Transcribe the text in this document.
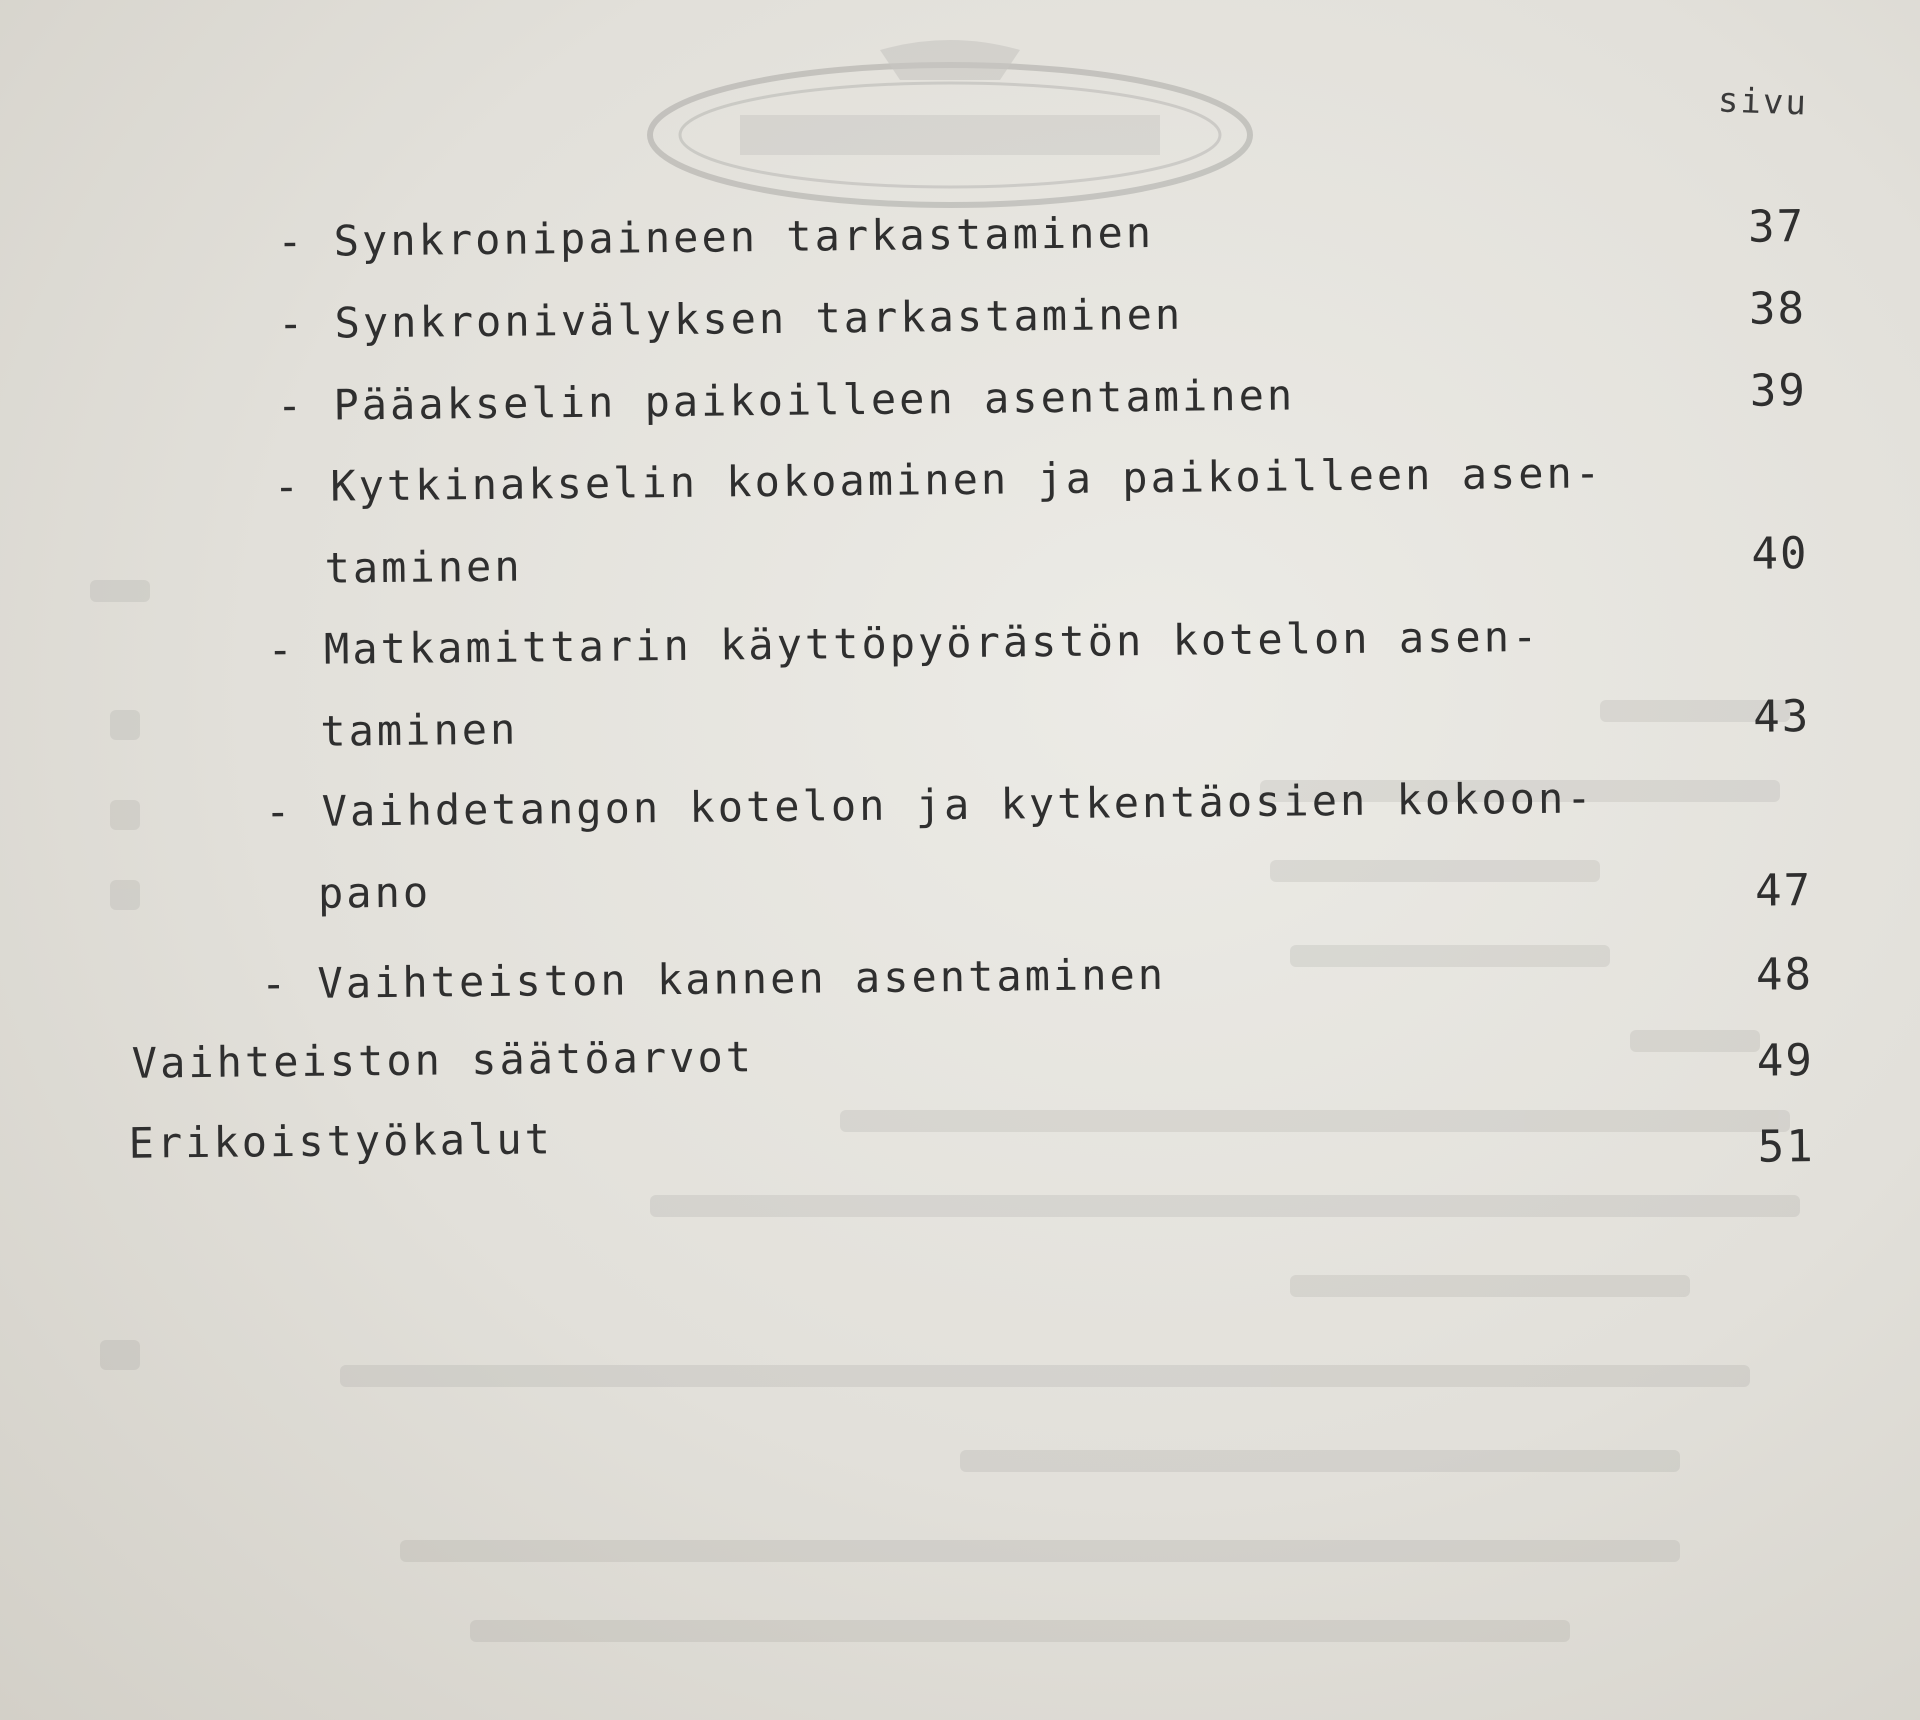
sivu
- Synkronipaineen tarkastaminen	37
- Synkronivälyksen tarkastaminen	38
- Pääakselin paikoilleen asentaminen	39
- Kytkinakselin kokoaminen ja paikoilleen asen-
taminen	40
- Matkamittarin käyttöpyörästön kotelon asen-
taminen	43
- Vaihdetangon kotelon ja kytkentäosien kokoon-
pano	47
- Vaihteiston kannen asentaminen	48
Vaihteiston säätöarvot	49
Erikoistyökalut	51
